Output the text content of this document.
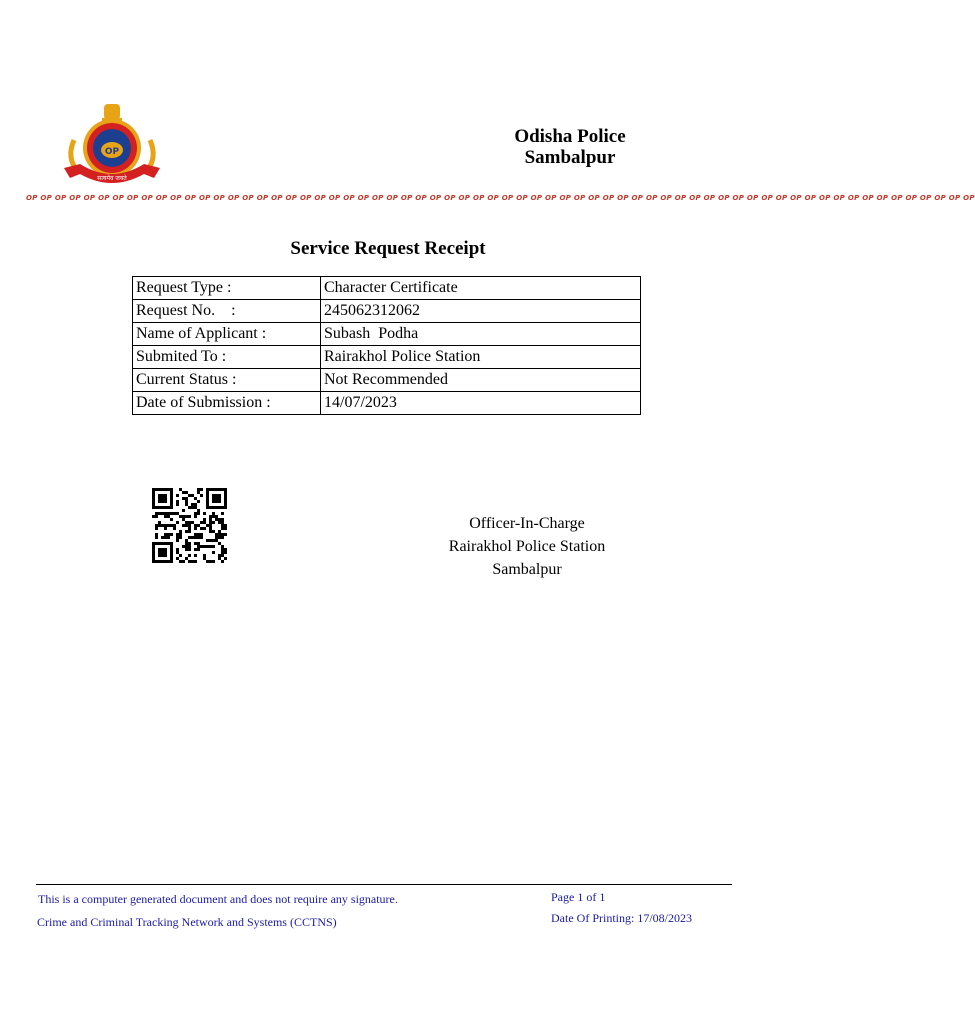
OP
सत्यमेव जयते
Odisha Police
Sambalpur
OP OP OP OP OP OP OP OP OP OP OP OP OP OP OP OP OP OP OP OP OP OP OP OP OP OP OP OP OP OP OP OP OP OP OP OP OP OP OP OP OP OP OP OP OP OP OP OP OP OP OP OP OP OP OP OP OP OP OP OP OP OP OP OP OP OP
Service Request Receipt
Request Type :	Character Certificate
Request No.    :	245062312062
Name of Applicant :	Subash  Podha
Submited To :	Rairakhol Police Station
Current Status :	Not Recommended
Date of Submission :	14/07/2023
Officer-In-Charge
Rairakhol Police Station
Sambalpur
This is a computer generated document and does not require any signature.
Crime and Criminal Tracking Network and Systems (CCTNS)
Page 1 of 1
Date Of Printing: 17/08/2023
